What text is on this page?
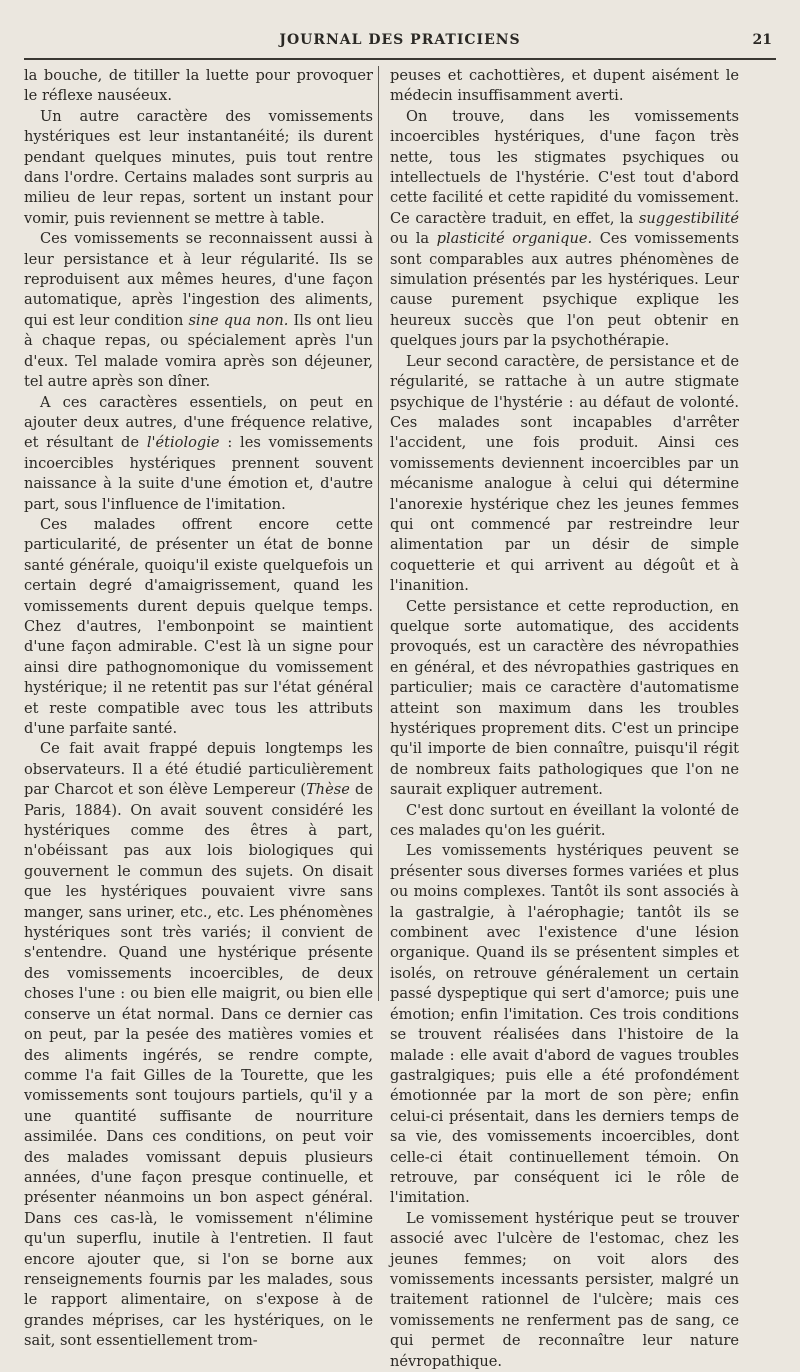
JOURNAL DES PRATICIENS	21

la bouche, de titiller la luette pour provoquer le réflexe nauséeux.

Un autre caractère des vomissements hystériques est leur instantanéité; ils durent pendant quelques minutes, puis tout rentre dans l'ordre. Certains malades sont surpris au milieu de leur repas, sortent un instant pour vomir, puis reviennent se mettre à table.

Ces vomissements se reconnaissent aussi à leur persistance et à leur régularité. Ils se reproduisent aux mêmes heures, d'une façon automatique, après l'ingestion des aliments, qui est leur condition sine qua non. Ils ont lieu à chaque repas, ou spécialement après l'un d'eux. Tel malade vomira après son déjeuner, tel autre après son dîner.

A ces caractères essentiels, on peut en ajouter deux autres, d'une fréquence relative, et résultant de l'étiologie : les vomissements incoercibles hystériques prennent souvent naissance à la suite d'une émotion et, d'autre part, sous l'influence de l'imitation.

Ces malades offrent encore cette particularité, de présenter un état de bonne santé générale, quoiqu'il existe quelquefois un certain degré d'amaigrissement, quand les vomissements durent depuis quelque temps. Chez d'autres, l'embonpoint se maintient d'une façon admirable. C'est là un signe pour ainsi dire pathognomonique du vomissement hystérique; il ne retentit pas sur l'état général et reste compatible avec tous les attributs d'une parfaite santé.

Ce fait avait frappé depuis longtemps les observateurs. Il a été étudié particulièrement par Charcot et son élève Lempereur (Thèse de Paris, 1884). On avait souvent considéré les hystériques comme des êtres à part, n'obéissant pas aux lois biologiques qui gouvernent le commun des sujets. On disait que les hystériques pouvaient vivre sans manger, sans uriner, etc., etc. Les phénomènes hystériques sont très variés; il convient de s'entendre. Quand une hystérique présente des vomissements incoercibles, de deux choses l'une : ou bien elle maigrit, ou bien elle conserve un état normal. Dans ce dernier cas on peut, par la pesée des matières vomies et des aliments ingérés, se rendre compte, comme l'a fait Gilles de la Tourette, que les vomissements sont toujours partiels, qu'il y a une quantité suffisante de nourriture assimilée. Dans ces conditions, on peut voir des malades vomissant depuis plusieurs années, d'une façon presque continuelle, et présenter néanmoins un bon aspect général. Dans ces cas-là, le vomissement n'élimine qu'un superflu, inutile à l'entretien. Il faut encore ajouter que, si l'on se borne aux renseignements fournis par les malades, sous le rapport alimentaire, on s'expose à de grandes méprises, car les hystériques, on le sait, sont essentiellement trom-

peuses et cachottières, et dupent aisément le médecin insuffisamment averti.

On trouve, dans les vomissements incoercibles hystériques, d'une façon très nette, tous les stigmates psychiques ou intellectuels de l'hystérie. C'est tout d'abord cette facilité et cette rapidité du vomissement. Ce caractère traduit, en effet, la suggestibilité ou la plasticité organique. Ces vomissements sont comparables aux autres phénomènes de simulation présentés par les hystériques. Leur cause purement psychique explique les heureux succès que l'on peut obtenir en quelques jours par la psychothérapie.

Leur second caractère, de persistance et de régularité, se rattache à un autre stigmate psychique de l'hystérie : au défaut de volonté. Ces malades sont incapables d'arrêter l'accident, une fois produit. Ainsi ces vomissements deviennent incoercibles par un mécanisme analogue à celui qui détermine l'anorexie hystérique chez les jeunes femmes qui ont commencé par restreindre leur alimentation par un désir de simple coquetterie et qui arrivent au dégoût et à l'inanition.

Cette persistance et cette reproduction, en quelque sorte automatique, des accidents provoqués, est un caractère des névropathies en général, et des névropathies gastriques en particulier; mais ce caractère d'automatisme atteint son maximum dans les troubles hystériques proprement dits. C'est un principe qu'il importe de bien connaître, puisqu'il régit de nombreux faits pathologiques que l'on ne saurait expliquer autrement.

C'est donc surtout en éveillant la volonté de ces malades qu'on les guérit.

Les vomissements hystériques peuvent se présenter sous diverses formes variées et plus ou moins complexes. Tantôt ils sont associés à la gastralgie, à l'aérophagie; tantôt ils se combinent avec l'existence d'une lésion organique. Quand ils se présentent simples et isolés, on retrouve généralement un certain passé dyspeptique qui sert d'amorce; puis une émotion; enfin l'imitation. Ces trois conditions se trouvent réalisées dans l'histoire de la malade : elle avait d'abord de vagues troubles gastralgiques; puis elle a été profondément émotionnée par la mort de son père; enfin celui-ci présentait, dans les derniers temps de sa vie, des vomissements incoercibles, dont celle-ci était continuellement témoin. On retrouve, par conséquent ici le rôle de l'imitation.

Le vomissement hystérique peut se trouver associé avec l'ulcère de l'estomac, chez les jeunes femmes; on voit alors des vomissements incessants persister, malgré un traitement rationnel de l'ulcère; mais ces vomissements ne renferment pas de sang, ce qui permet de reconnaître leur nature névropathique.
